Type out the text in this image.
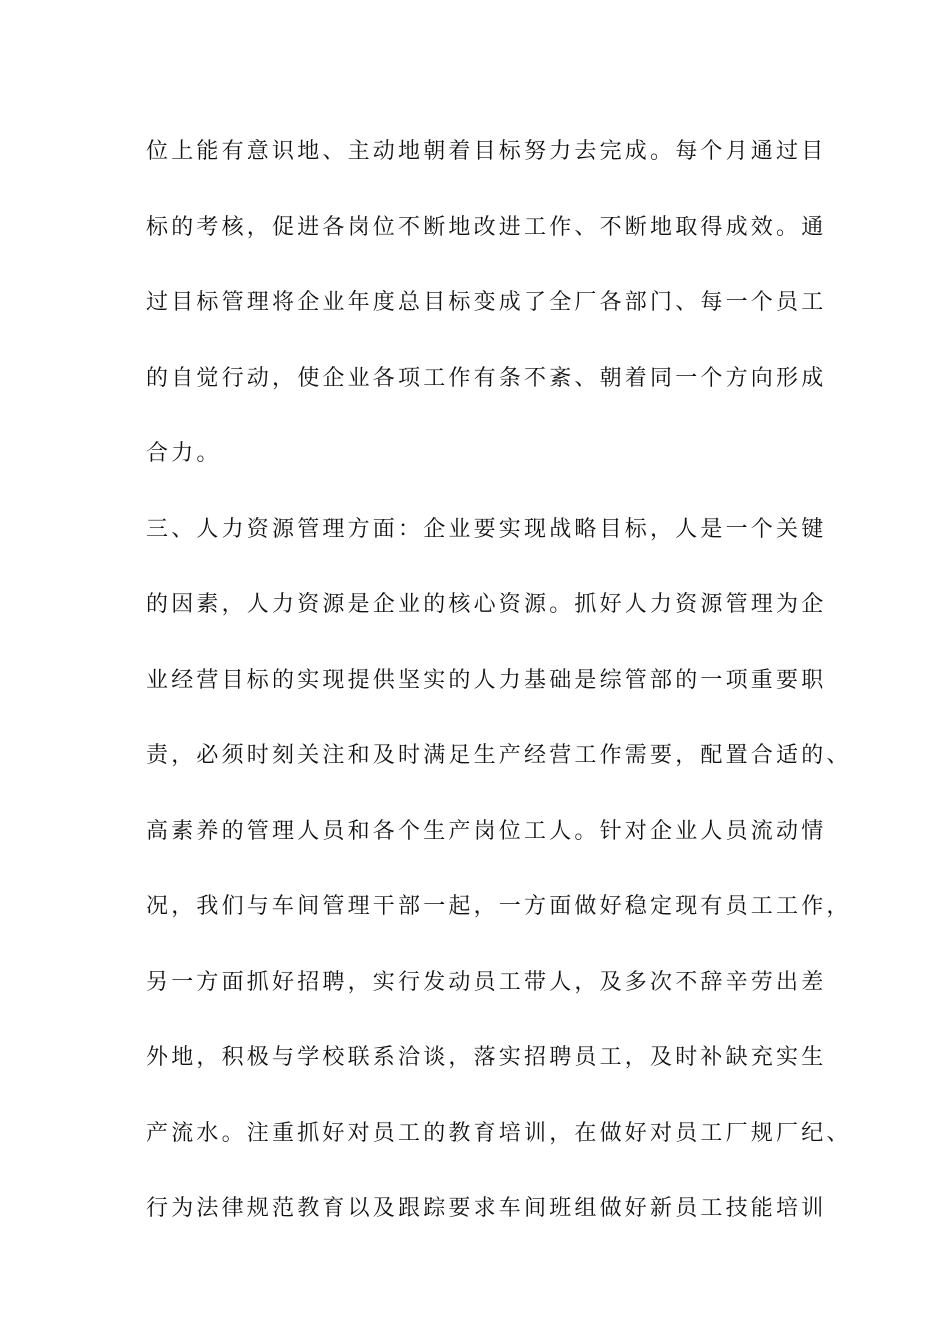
位上能有意识地、主动地朝着目标努力去完成。每个月通过目
标的考核，促进各岗位不断地改进工作、不断地取得成效。通
过目标管理将企业年度总目标变成了全厂各部门、每一个员工
的自觉行动，使企业各项工作有条不紊、朝着同一个方向形成
合力。
三、人力资源管理方面：企业要实现战略目标，人是一个关键
的因素，人力资源是企业的核心资源。抓好人力资源管理为企
业经营目标的实现提供坚实的人力基础是综管部的一项重要职
责，必须时刻关注和及时满足生产经营工作需要，配置合适的、
高素养的管理人员和各个生产岗位工人。针对企业人员流动情
况，我们与车间管理干部一起，一方面做好稳定现有员工工作，
另一方面抓好招聘，实行发动员工带人，及多次不辞辛劳出差
外地，积极与学校联系洽谈，落实招聘员工，及时补缺充实生
产流水。注重抓好对员工的教育培训，在做好对员工厂规厂纪、
行为法律规范教育以及跟踪要求车间班组做好新员工技能培训
